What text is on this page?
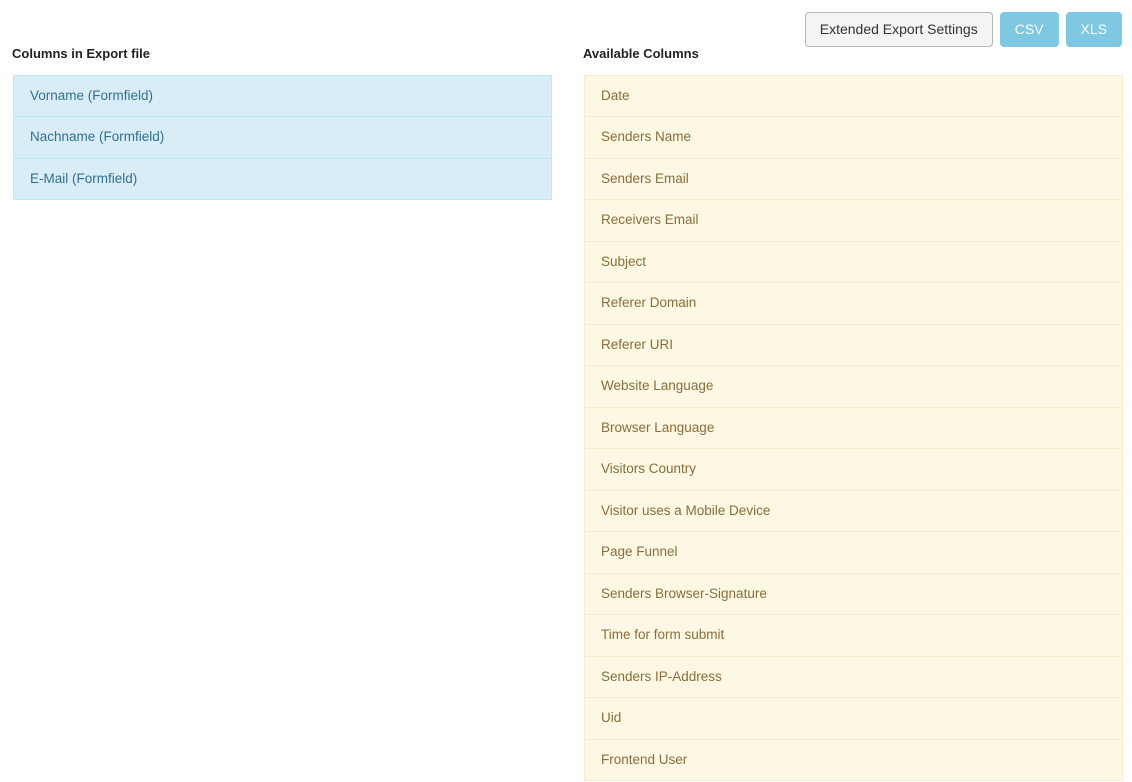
Extended Export Settings	CSV	XLS
Columns in Export file
Vorname (Formfield)
Nachname (Formfield)
E-Mail (Formfield)
Available Columns
Date
Senders Name
Senders Email
Receivers Email
Subject
Referer Domain
Referer URI
Website Language
Browser Language
Visitors Country
Visitor uses a Mobile Device
Page Funnel
Senders Browser-Signature
Time for form submit
Senders IP-Address
Uid
Frontend User
